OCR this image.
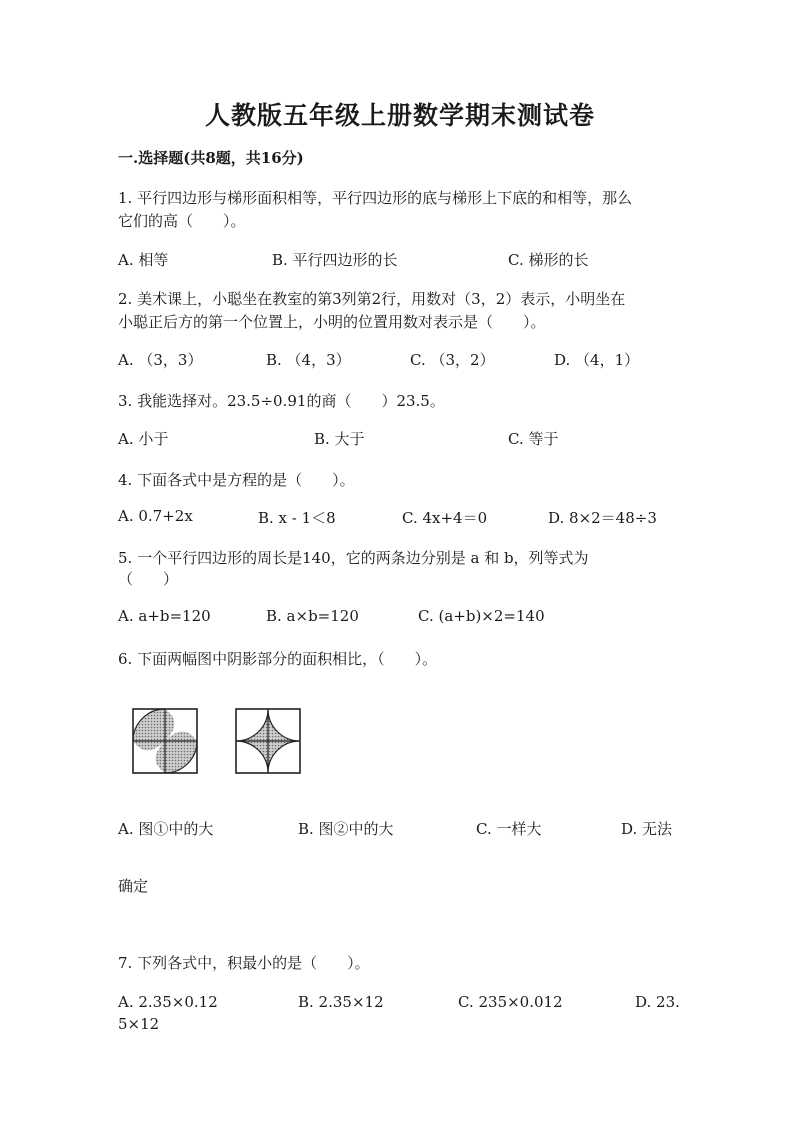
人教版五年级上册数学期末测试卷
一.选择题(共8题，共16分)
1. 平行四边形与梯形面积相等，平行四边形的底与梯形上下底的和相等，那么
它们的高（　　）。
A. 相等	B. 平行四边形的长	C. 梯形的长
2. 美术课上，小聪坐在教室的第3列第2行，用数对（3，2）表示，小明坐在
小聪正后方的第一个位置上，小明的位置用数对表示是（　　）。
A. （3，3）	B. （4，3）	C. （3，2）	D. （4，1）
3. 我能选择对。23.5÷0.91的商（　　）23.5。
A. 小于	B. 大于	C. 等于
4. 下面各式中是方程的是（　　）。
A. 0.7+2x	B. x - 1＜8	C. 4x+4＝0	D. 8×2＝48÷3
5. 一个平行四边形的周长是140，它的两条边分别是 a 和 b，列等式为
（　　）
A. a+b=120	B. a×b=120	C. (a+b)×2=140
6. 下面两幅图中阴影部分的面积相比，（　　）。
A. 图①中的大	B. 图②中的大	C. 一样大	D. 无法
确定
7. 下列各式中，积最小的是（　　）。
A. 2.35×0.12	B. 2.35×12	C. 235×0.012	D. 23.
5×12
